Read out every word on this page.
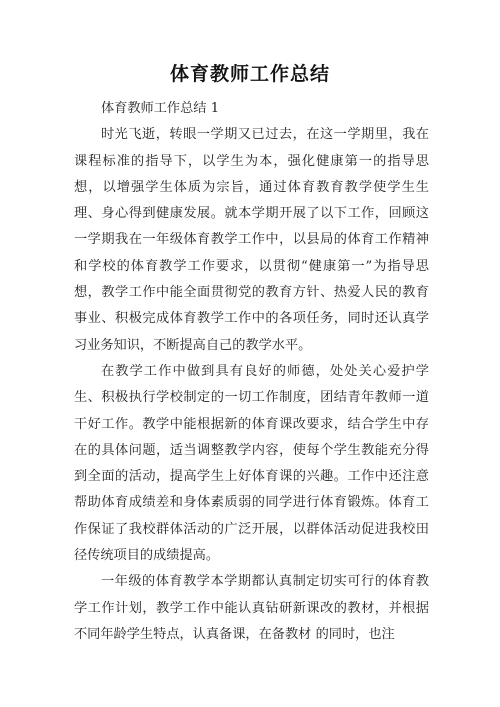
体育教师工作总结

体育教师工作总结 1

时光飞逝，转眼一学期又已过去，在这一学期里，我在课程标准的指导下，以学生为本，强化健康第一的指导思想，以增强学生体质为宗旨，通过体育教育教学使学生生理、身心得到健康发展。就本学期开展了以下工作，回顾这一学期我在一年级体育教学工作中，以县局的体育工作精神和学校的体育教学工作要求，以贯彻“健康第一”为指导思想，教学工作中能全面贯彻党的教育方针、热爱人民的教育事业、积极完成体育教学工作中的各项任务，同时还认真学习业务知识，不断提高自己的教学水平。

在教学工作中做到具有良好的师德，处处关心爱护学生、积极执行学校制定的一切工作制度，团结青年教师一道干好工作。教学中能根据新的体育课改要求，结合学生中存在的具体问题，适当调整教学内容，使每个学生教能充分得到全面的活动，提高学生上好体育课的兴趣。工作中还注意帮助体育成绩差和身体素质弱的同学进行体育锻炼。体育工作保证了我校群体活动的广泛开展，以群体活动促进我校田径传统项目的成绩提高。

一年级的体育教学本学期都认真制定切实可行的体育教学工作计划，教学工作中能认真钻研新课改的教材，并根据不同年龄学生特点，认真备课，在备教材 的同时，也注
